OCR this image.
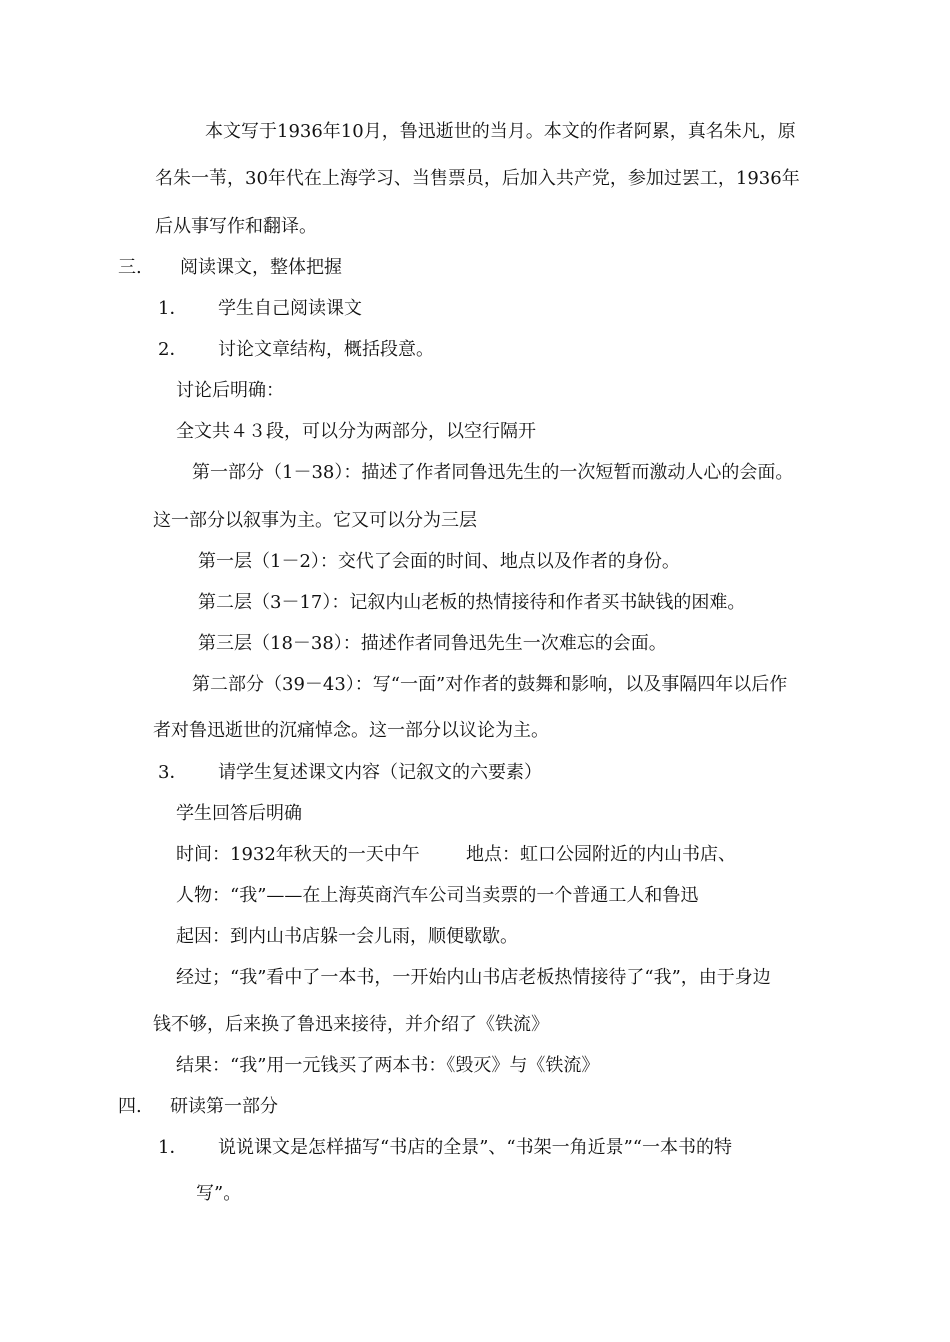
本文写于1936年10月，鲁迅逝世的当月。本文的作者阿累，真名朱凡，原
名朱一苇，30年代在上海学习、当售票员，后加入共产党，参加过罢工，1936年
后从事写作和翻译。
三. 阅读课文，整体把握
1． 学生自己阅读课文
2． 讨论文章结构，概括段意。
讨论后明确：
全文共４３段，可以分为两部分，以空行隔开
第一部分（1－38）：描述了作者同鲁迅先生的一次短暂而激动人心的会面。
这一部分以叙事为主。它又可以分为三层
第一层（1－2）：交代了会面的时间、地点以及作者的身份。
第二层（3－17）：记叙内山老板的热情接待和作者买书缺钱的困难。
第三层（18－38）：描述作者同鲁迅先生一次难忘的会面。
第二部分（39－43）：写“一面”对作者的鼓舞和影响，以及事隔四年以后作
者对鲁迅逝世的沉痛悼念。这一部分以议论为主。
3． 请学生复述课文内容（记叙文的六要素）
学生回答后明确
时间：1932年秋天的一天中午	地点：虹口公园附近的内山书店、
人物：“我”——在上海英商汽车公司当卖票的一个普通工人和鲁迅
起因：到内山书店躲一会儿雨，顺便歇歇。
经过；“我”看中了一本书，一开始内山书店老板热情接待了“我”，由于身边
钱不够，后来换了鲁迅来接待，并介绍了《铁流》
结果：“我”用一元钱买了两本书：《毁灭》与《铁流》
四. 研读第一部分
1． 说说课文是怎样描写“书店的全景”、“书架一角近景”“一本书的特
写”。
